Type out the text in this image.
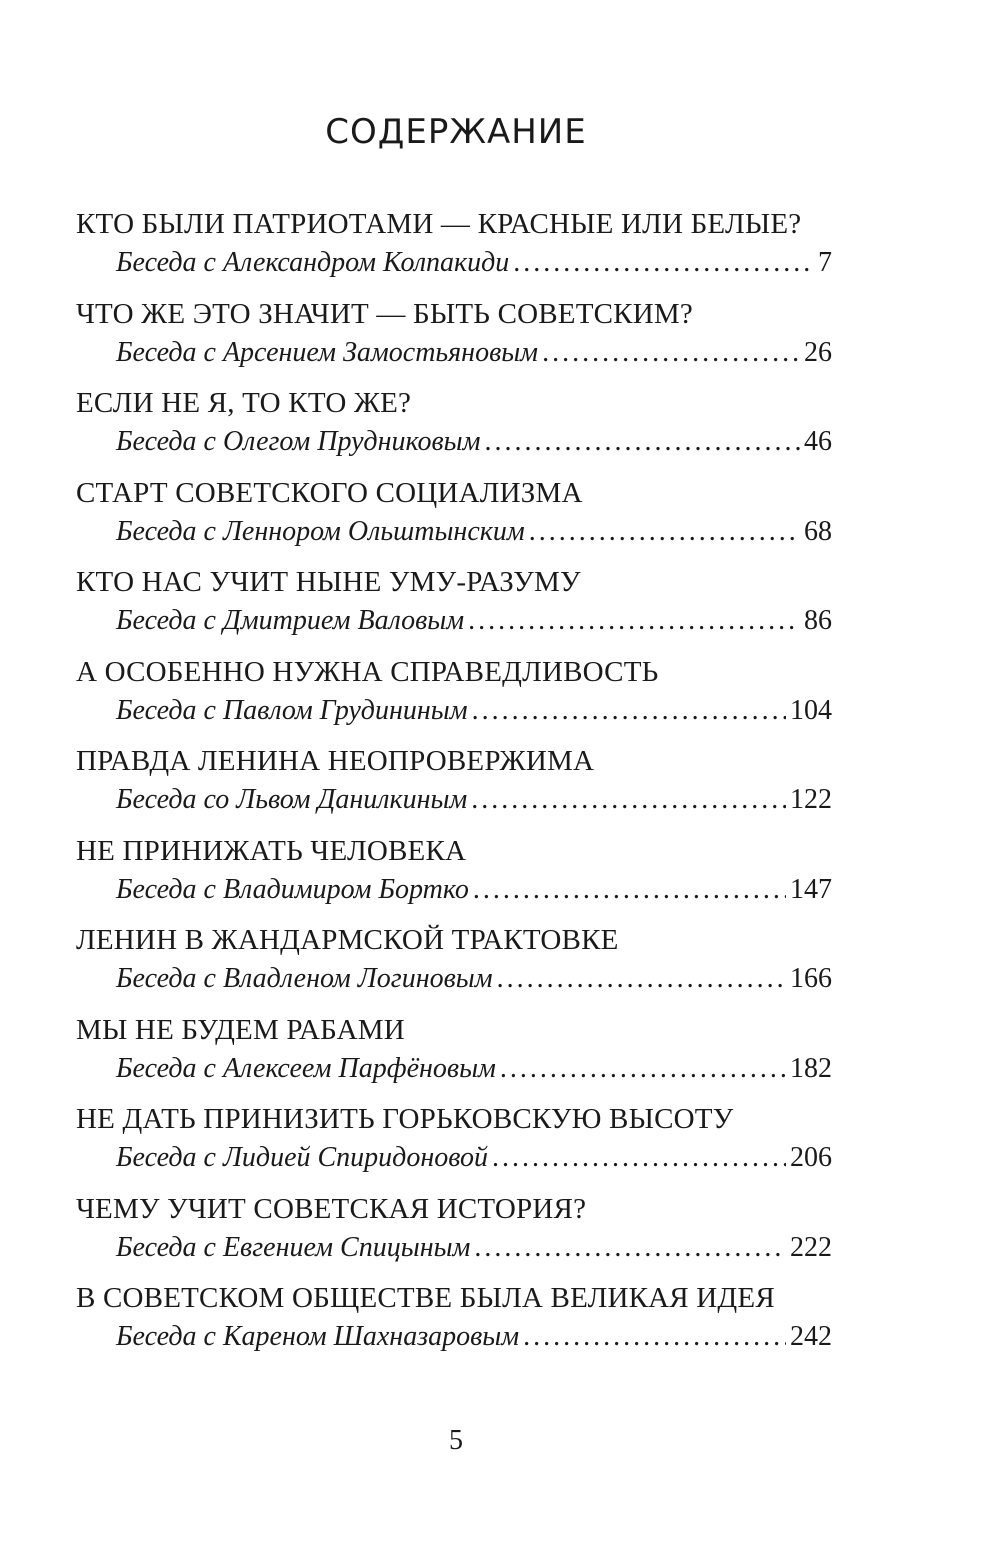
СОДЕРЖАНИЕ
КТО БЫЛИ ПАТРИОТАМИ — КРАСНЫЕ ИЛИ БЕЛЫЕ?
Беседа с Александром Колпакиди .....	7
ЧТО ЖЕ ЭТО ЗНАЧИТ — БЫТЬ СОВЕТСКИМ?
Беседа с Арсением Замостьяновым .....	26
ЕСЛИ НЕ Я, ТО КТО ЖЕ?
Беседа с Олегом Прудниковым .....	46
СТАРТ СОВЕТСКОГО СОЦИАЛИЗМА
Беседа с Леннором Ольштынским .....	68
КТО НАС УЧИТ НЫНЕ УМУ-РАЗУМУ
Беседа с Дмитрием Валовым .....	86
А ОСОБЕННО НУЖНА СПРАВЕДЛИВОСТЬ
Беседа с Павлом Грудининым .....	104
ПРАВДА ЛЕНИНА НЕОПРОВЕРЖИМА
Беседа со Львом Данилкиным .....	122
НЕ ПРИНИЖАТЬ ЧЕЛОВЕКА
Беседа с Владимиром Бортко .....	147
ЛЕНИН В ЖАНДАРМСКОЙ ТРАКТОВКЕ
Беседа с Владленом Логиновым .....	166
МЫ НЕ БУДЕМ РАБАМИ
Беседа с Алексеем Парфёновым .....	182
НЕ ДАТЬ ПРИНИЗИТЬ ГОРЬКОВСКУЮ ВЫСОТУ
Беседа с Лидией Спиридоновой .....	206
ЧЕМУ УЧИТ СОВЕТСКАЯ ИСТОРИЯ?
Беседа с Евгением Спицыным .....	222
В СОВЕТСКОМ ОБЩЕСТВЕ БЫЛА ВЕЛИКАЯ ИДЕЯ
Беседа с Кареном Шахназаровым .....	242
5
